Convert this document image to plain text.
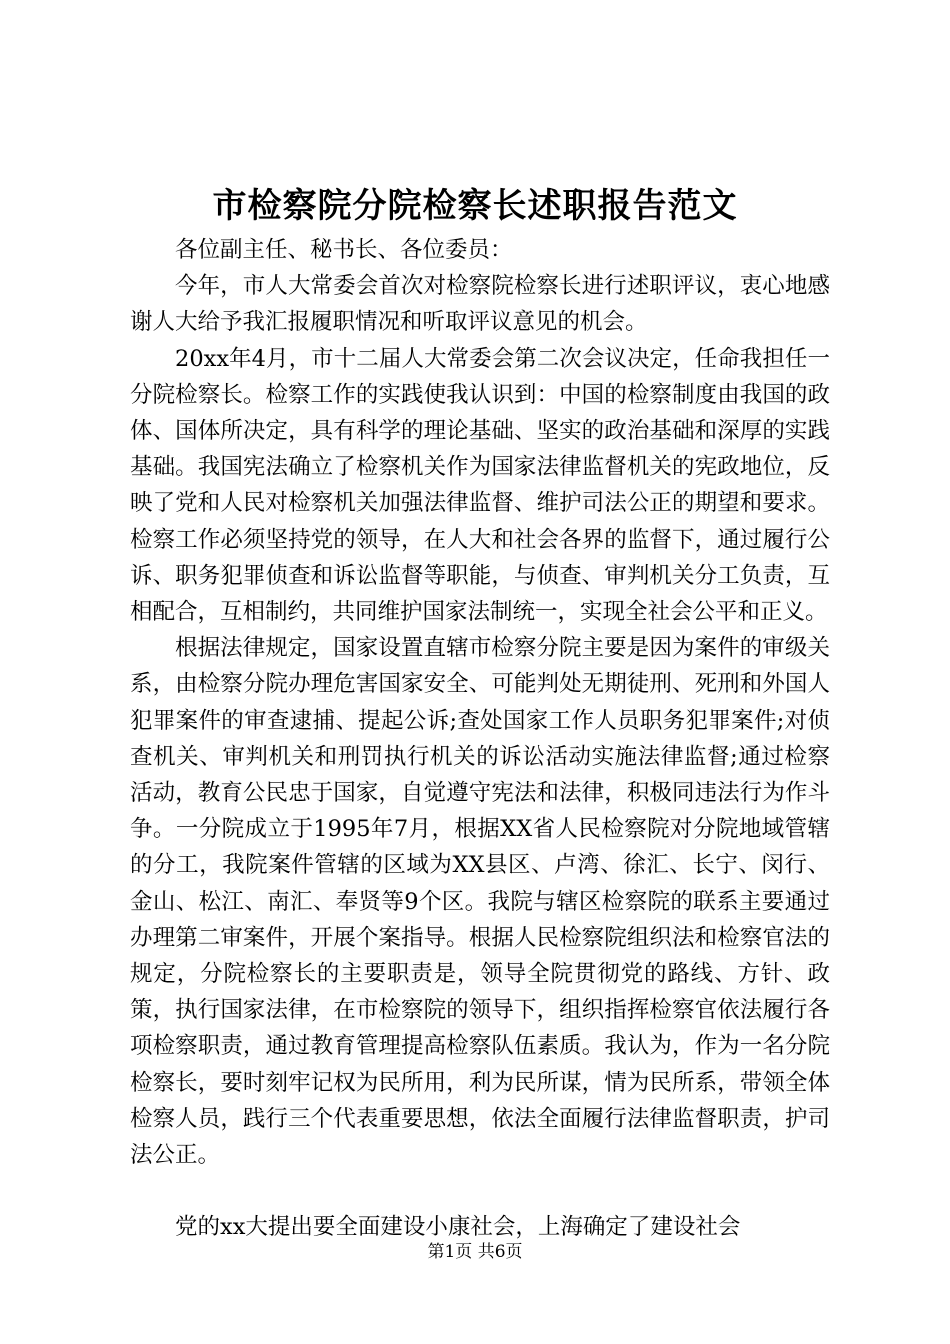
市检察院分院检察长述职报告范文

各位副主任、秘书长、各位委员：

今年，市人大常委会首次对检察院检察长进行述职评议，衷心地感谢人大给予我汇报履职情况和听取评议意见的机会。

20xx年4月，市十二届人大常委会第二次会议决定，任命我担任一分院检察长。检察工作的实践使我认识到：中国的检察制度由我国的政体、国体所决定，具有科学的理论基础、坚实的政治基础和深厚的实践基础。我国宪法确立了检察机关作为国家法律监督机关的宪政地位，反映了党和人民对检察机关加强法律监督、维护司法公正的期望和要求。检察工作必须坚持党的领导，在人大和社会各界的监督下，通过履行公诉、职务犯罪侦查和诉讼监督等职能，与侦查、审判机关分工负责，互相配合，互相制约，共同维护国家法制统一，实现全社会公平和正义。

根据法律规定，国家设置直辖市检察分院主要是因为案件的审级关系，由检察分院办理危害国家安全、可能判处无期徒刑、死刑和外国人犯罪案件的审查逮捕、提起公诉;查处国家工作人员职务犯罪案件;对侦查机关、审判机关和刑罚执行机关的诉讼活动实施法律监督;通过检察活动，教育公民忠于国家，自觉遵守宪法和法律，积极同违法行为作斗争。一分院成立于1995年7月，根据XX省人民检察院对分院地域管辖的分工，我院案件管辖的区域为XX县区、卢湾、徐汇、长宁、闵行、金山、松江、南汇、奉贤等9个区。我院与辖区检察院的联系主要通过办理第二审案件，开展个案指导。根据人民检察院组织法和检察官法的规定，分院检察长的主要职责是，领导全院贯彻党的路线、方针、政策，执行国家法律，在市检察院的领导下，组织指挥检察官依法履行各项检察职责，通过教育管理提高检察队伍素质。我认为，作为一名分院检察长，要时刻牢记权为民所用，利为民所谋，情为民所系，带领全体检察人员，践行三个代表重要思想，依法全面履行法律监督职责，护司法公正。

党的xx大提出要全面建设小康社会，上海确定了建设社会

第1页 共6页
